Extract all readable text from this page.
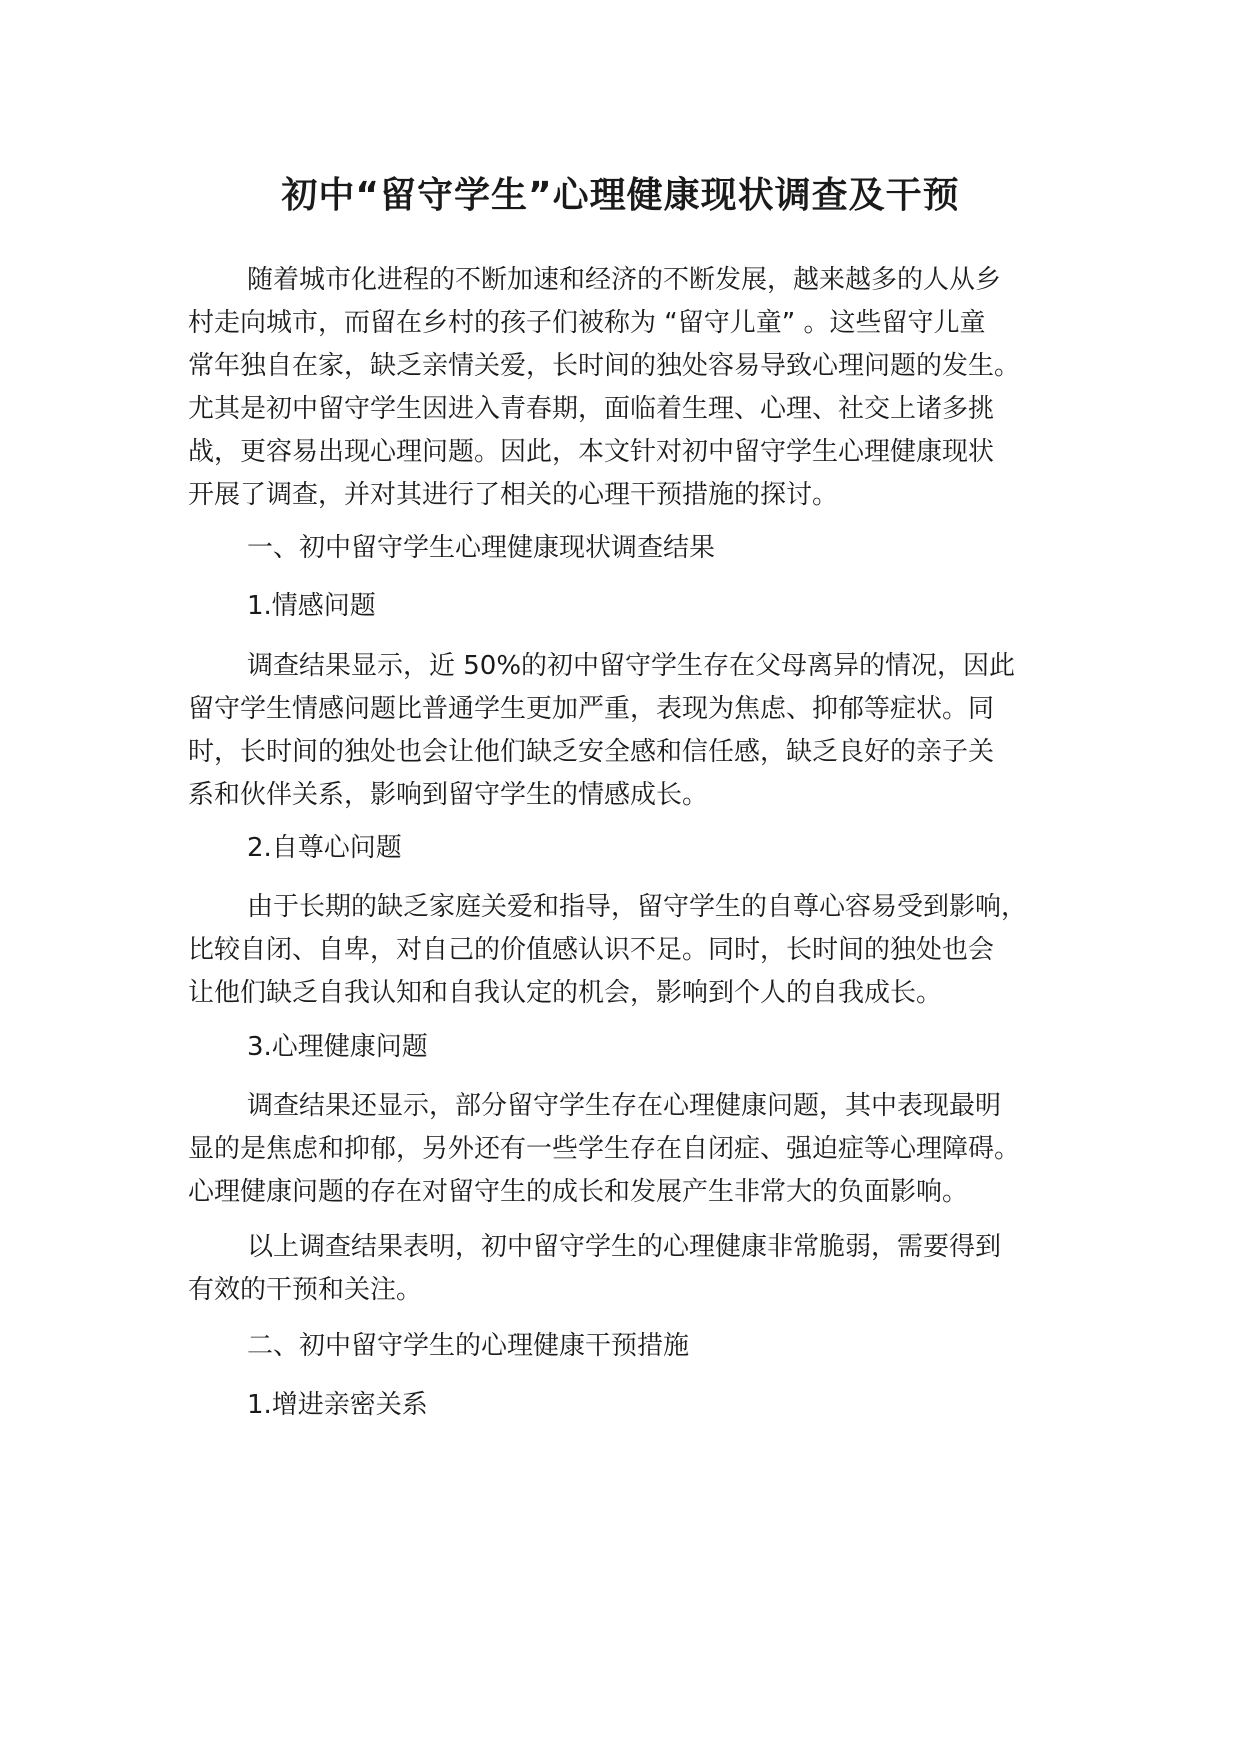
初中“留守学生”心理健康现状调查及干预

随着城市化进程的不断加速和经济的不断发展，越来越多的人从乡

村走向城市，而留在乡村的孩子们被称为 “留守儿童” 。这些留守儿童

常年独自在家，缺乏亲情关爱，长时间的独处容易导致心理问题的发生。

尤其是初中留守学生因进入青春期，面临着生理、心理、社交上诸多挑

战，更容易出现心理问题。因此，本文针对初中留守学生心理健康现状

开展了调查，并对其进行了相关的心理干预措施的探讨。

一、初中留守学生心理健康现状调查结果

1.情感问题

调查结果显示，近 50%的初中留守学生存在父母离异的情况，因此

留守学生情感问题比普通学生更加严重，表现为焦虑、抑郁等症状。同

时，长时间的独处也会让他们缺乏安全感和信任感，缺乏良好的亲子关

系和伙伴关系，影响到留守学生的情感成长。

2.自尊心问题

由于长期的缺乏家庭关爱和指导，留守学生的自尊心容易受到影响，

比较自闭、自卑，对自己的价值感认识不足。同时，长时间的独处也会

让他们缺乏自我认知和自我认定的机会，影响到个人的自我成长。

3.心理健康问题

调查结果还显示，部分留守学生存在心理健康问题，其中表现最明

显的是焦虑和抑郁，另外还有一些学生存在自闭症、强迫症等心理障碍。

心理健康问题的存在对留守生的成长和发展产生非常大的负面影响。

以上调查结果表明，初中留守学生的心理健康非常脆弱，需要得到

有效的干预和关注。

二、初中留守学生的心理健康干预措施

1.增进亲密关系
